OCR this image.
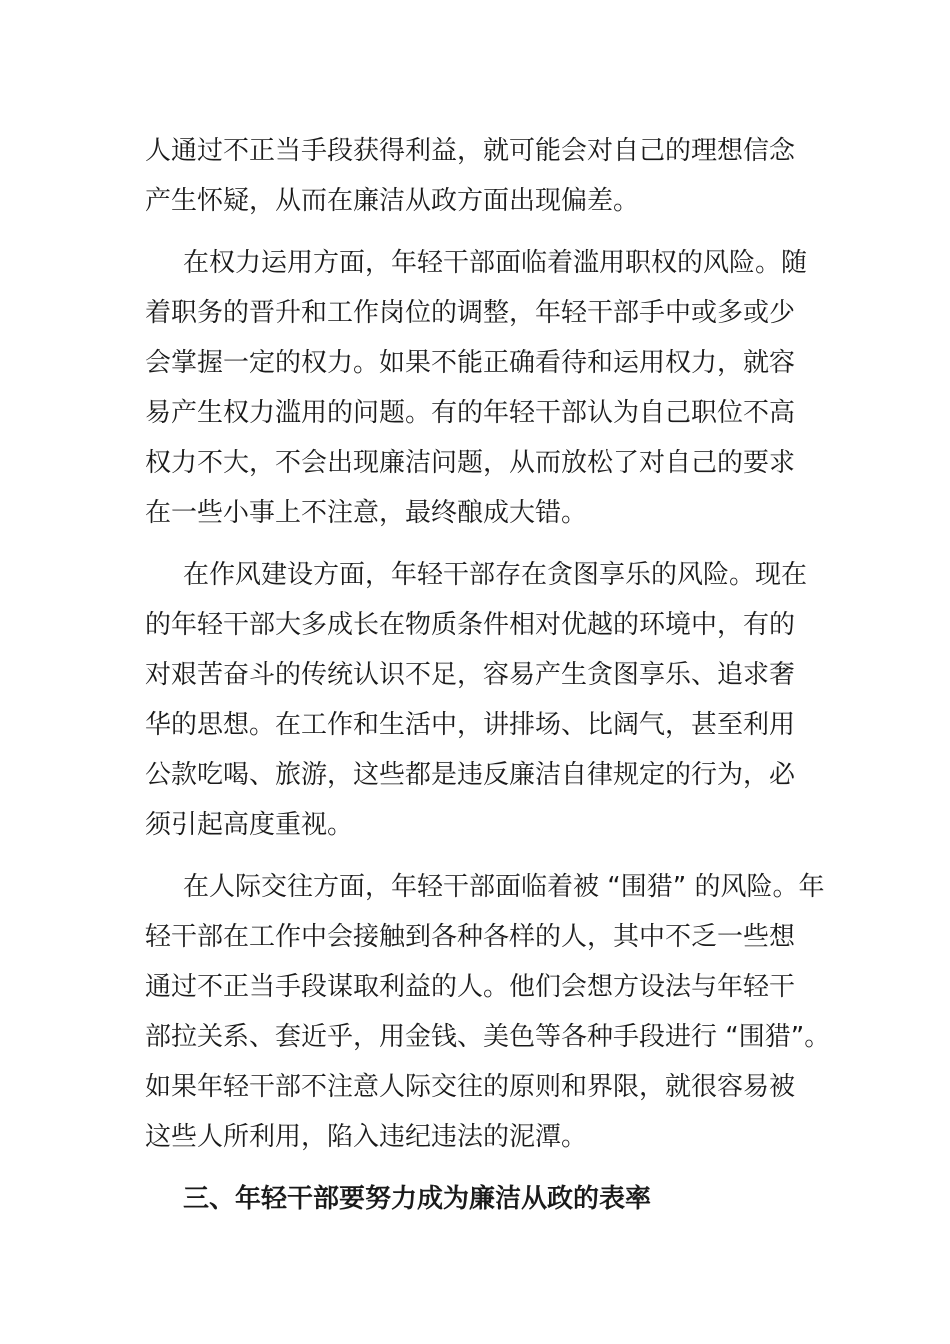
人通过不正当手段获得利益，就可能会对自己的理想信念
产生怀疑，从而在廉洁从政方面出现偏差。
在权力运用方面，年轻干部面临着滥用职权的风险。随
着职务的晋升和工作岗位的调整，年轻干部手中或多或少
会掌握一定的权力。如果不能正确看待和运用权力，就容
易产生权力滥用的问题。有的年轻干部认为自己职位不高
权力不大，不会出现廉洁问题，从而放松了对自己的要求
在一些小事上不注意，最终酿成大错。
在作风建设方面，年轻干部存在贪图享乐的风险。现在
的年轻干部大多成长在物质条件相对优越的环境中，有的
对艰苦奋斗的传统认识不足，容易产生贪图享乐、追求奢
华的思想。在工作和生活中，讲排场、比阔气，甚至利用
公款吃喝、旅游，这些都是违反廉洁自律规定的行为，必
须引起高度重视。
在人际交往方面，年轻干部面临着被 “围猎” 的风险。年
轻干部在工作中会接触到各种各样的人，其中不乏一些想
通过不正当手段谋取利益的人。他们会想方设法与年轻干
部拉关系、套近乎，用金钱、美色等各种手段进行 “围猎”。
如果年轻干部不注意人际交往的原则和界限，就很容易被
这些人所利用，陷入违纪违法的泥潭。
三、年轻干部要努力成为廉洁从政的表率
